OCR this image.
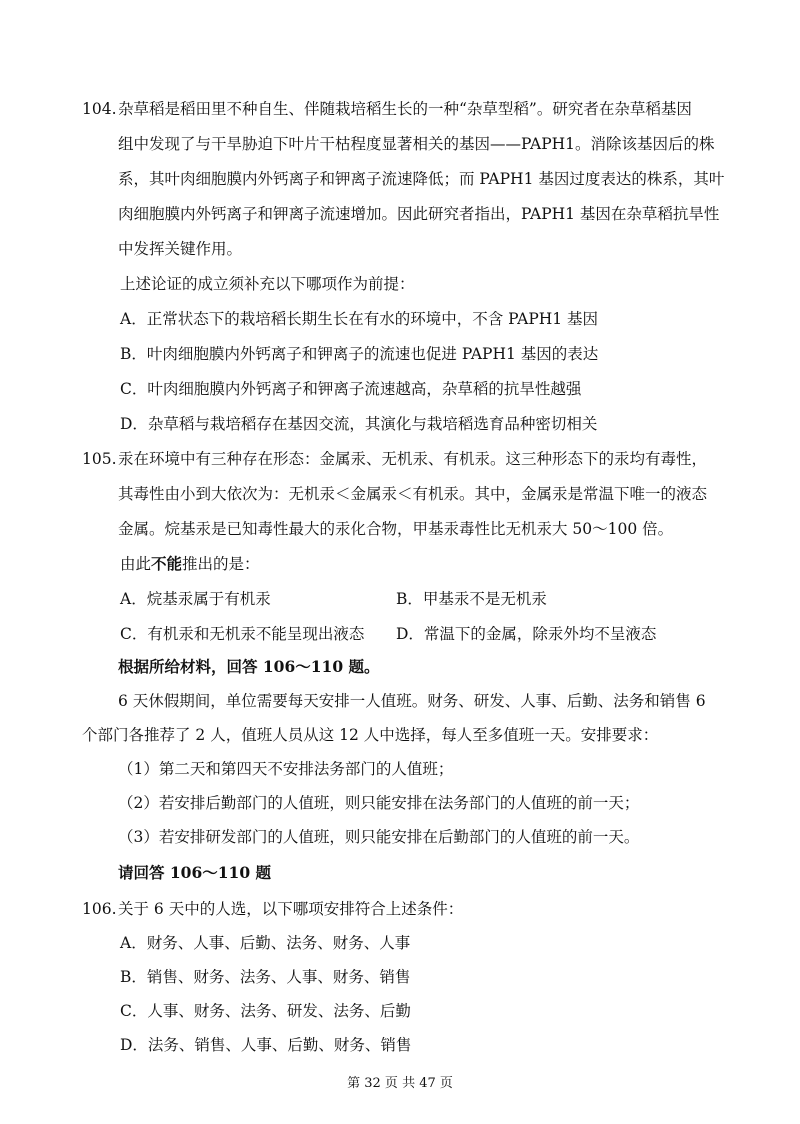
104.杂草稻是稻田里不种自生、伴随栽培稻生长的一种“杂草型稻”。研究者在杂草稻基因
组中发现了与干旱胁迫下叶片干枯程度显著相关的基因——PAPH1。消除该基因后的株
系，其叶肉细胞膜内外钙离子和钾离子流速降低；而 PAPH1 基因过度表达的株系，其叶
肉细胞膜内外钙离子和钾离子流速增加。因此研究者指出，PAPH1 基因在杂草稻抗旱性
中发挥关键作用。
上述论证的成立须补充以下哪项作为前提：
A．正常状态下的栽培稻长期生长在有水的环境中，不含 PAPH1 基因
B．叶肉细胞膜内外钙离子和钾离子的流速也促进 PAPH1 基因的表达
C．叶肉细胞膜内外钙离子和钾离子流速越高，杂草稻的抗旱性越强
D．杂草稻与栽培稻存在基因交流，其演化与栽培稻选育品种密切相关
105.汞在环境中有三种存在形态：金属汞、无机汞、有机汞。这三种形态下的汞均有毒性，
其毒性由小到大依次为：无机汞＜金属汞＜有机汞。其中，金属汞是常温下唯一的液态
金属。烷基汞是已知毒性最大的汞化合物，甲基汞毒性比无机汞大 50～100 倍。
由此不能推出的是：
A．烷基汞属于有机汞	B．甲基汞不是无机汞
C．有机汞和无机汞不能呈现出液态 D．常温下的金属，除汞外均不呈液态
根据所给材料，回答 106～110 题。
6 天休假期间，单位需要每天安排一人值班。财务、研发、人事、后勤、法务和销售 6
个部门各推荐了 2 人，值班人员从这 12 人中选择，每人至多值班一天。安排要求：
（1）第二天和第四天不安排法务部门的人值班；
（2）若安排后勤部门的人值班，则只能安排在法务部门的人值班的前一天；
（3）若安排研发部门的人值班，则只能安排在后勤部门的人值班的前一天。
请回答 106～110 题
106.关于 6 天中的人选，以下哪项安排符合上述条件：
A．财务、人事、后勤、法务、财务、人事
B．销售、财务、法务、人事、财务、销售
C．人事、财务、法务、研发、法务、后勤
D．法务、销售、人事、后勤、财务、销售
第 32 页 共 47 页
